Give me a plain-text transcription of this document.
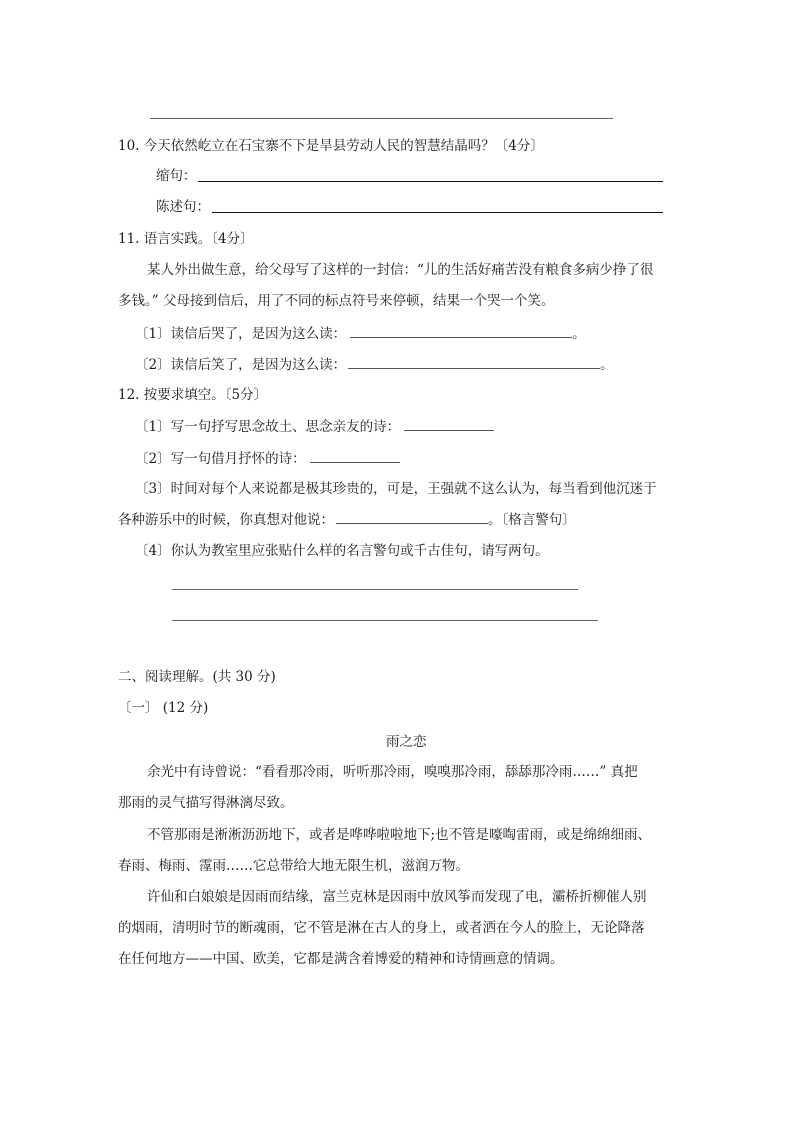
10. 今天依然屹立在石宝寨不下是旱县劳动人民的智慧结晶吗？〔4分〕
缩句：
陈述句：
11. 语言实践。〔4分〕
某人外出做生意，给父母写了这样的一封信：“儿的生活好痛苦没有粮食多病少挣了很
多钱。” 父母接到信后，用了不同的标点符号来停顿，结果一个哭一个笑。
〔1〕读信后哭了，是因为这么读：	。
〔2〕读信后笑了，是因为这么读：	。
12. 按要求填空。〔5分〕
〔1〕写一句抒写思念故土、思念亲友的诗：
〔2〕写一句借月抒怀的诗：
〔3〕时间对每个人来说都是极其珍贵的，可是，王强就不这么认为，每当看到他沉迷于
各种游乐中的时候，你真想对他说：	。〔格言警句〕
〔4〕你认为教室里应张贴什么样的名言警句或千古佳句，请写两句。
二、阅读理解。(共 30 分)
〔一〕 (12 分)
雨之恋
余光中有诗曾说：“看看那冷雨，听听那冷雨，嗅嗅那冷雨，舔舔那冷雨……” 真把
那雨的灵气描写得淋漓尽致。
不管那雨是淅淅沥沥地下，或者是哗哗啦啦地下;也不管是嚎啕雷雨，或是绵绵细雨、
春雨、梅雨、霪雨……它总带给大地无限生机，滋润万物。
许仙和白娘娘是因雨而结缘，富兰克林是因雨中放风筝而发现了电，灞桥折柳催人别
的烟雨，清明时节的断魂雨，它不管是淋在古人的身上，或者洒在今人的脸上，无论降落
在任何地方——中国、欧美，它都是满含着博爱的精神和诗情画意的情调。
